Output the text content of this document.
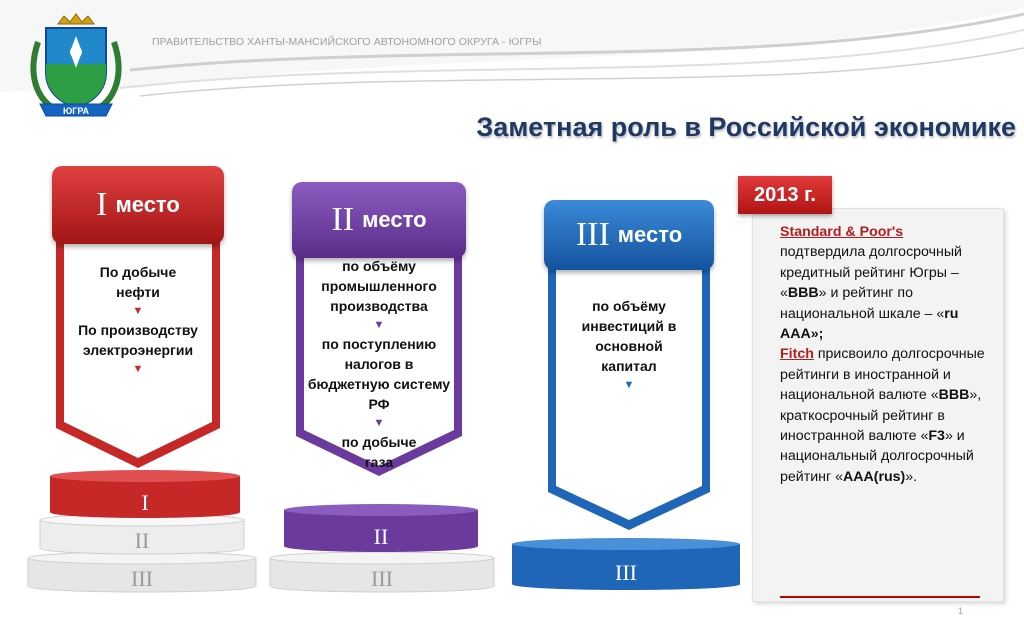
ЮГРА
ПРАВИТЕЛЬСТВО ХАНТЫ-МАНСИЙСКОГО АВТОНОМНОГО ОКРУГА - ЮГРЫ
Заметная роль в Российской экономике
I место
По добыче нефти
▼
По производству электроэнергии
▼
II место
по объёму промышленного производства
▼
по поступлению налогов в бюджетную систему РФ
▼
по добыче газа
III место
по объёму инвестиций в основной капитал
▼
I
II
III
II
III	III
Standard & Poor's
подтвердила долгосрочный кредитный рейтинг Югры – «ВВВ» и рейтинг по национальной шкале – «ru AAA»;
Fitch присвоило долгосрочные рейтинги в иностранной и национальной валюте «ВВВ», краткосрочный рейтинг в иностранной валюте «F3» и национальный долгосрочный рейтинг «AAA(rus)».
2013 г.
1
